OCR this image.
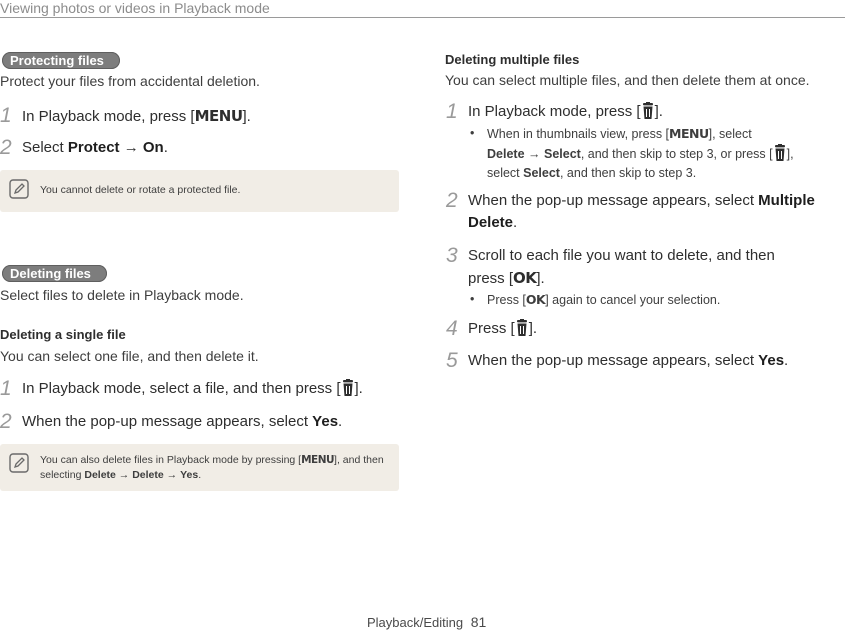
Viewing photos or videos in Playback mode
Protecting files
Protect your files from accidental deletion.
1 In Playback mode, press [MENU].
2 Select Protect → On.
You cannot delete or rotate a protected file.
Deleting files
Select files to delete in Playback mode.
Deleting a single file
You can select one file, and then delete it.
1 In Playback mode, select a file, and then press [ ].
2 When the pop-up message appears, select Yes.
You can also delete files in Playback mode by pressing [MENU], and then
selecting Delete → Delete → Yes.
Deleting multiple files
You can select multiple files, and then delete them at once.
1 In Playback mode, press [ ].
• When in thumbnails view, press [MENU], select
Delete → Select, and then skip to step 3, or press [ ],
select Select, and then skip to step 3.
2 When the pop-up message appears, select Multiple Delete.
3 Scroll to each file you want to delete, and then
press [OK].
• Press [OK] again to cancel your selection.
4 Press [ ].
5 When the pop-up message appears, select Yes.
Playback/Editing 81
